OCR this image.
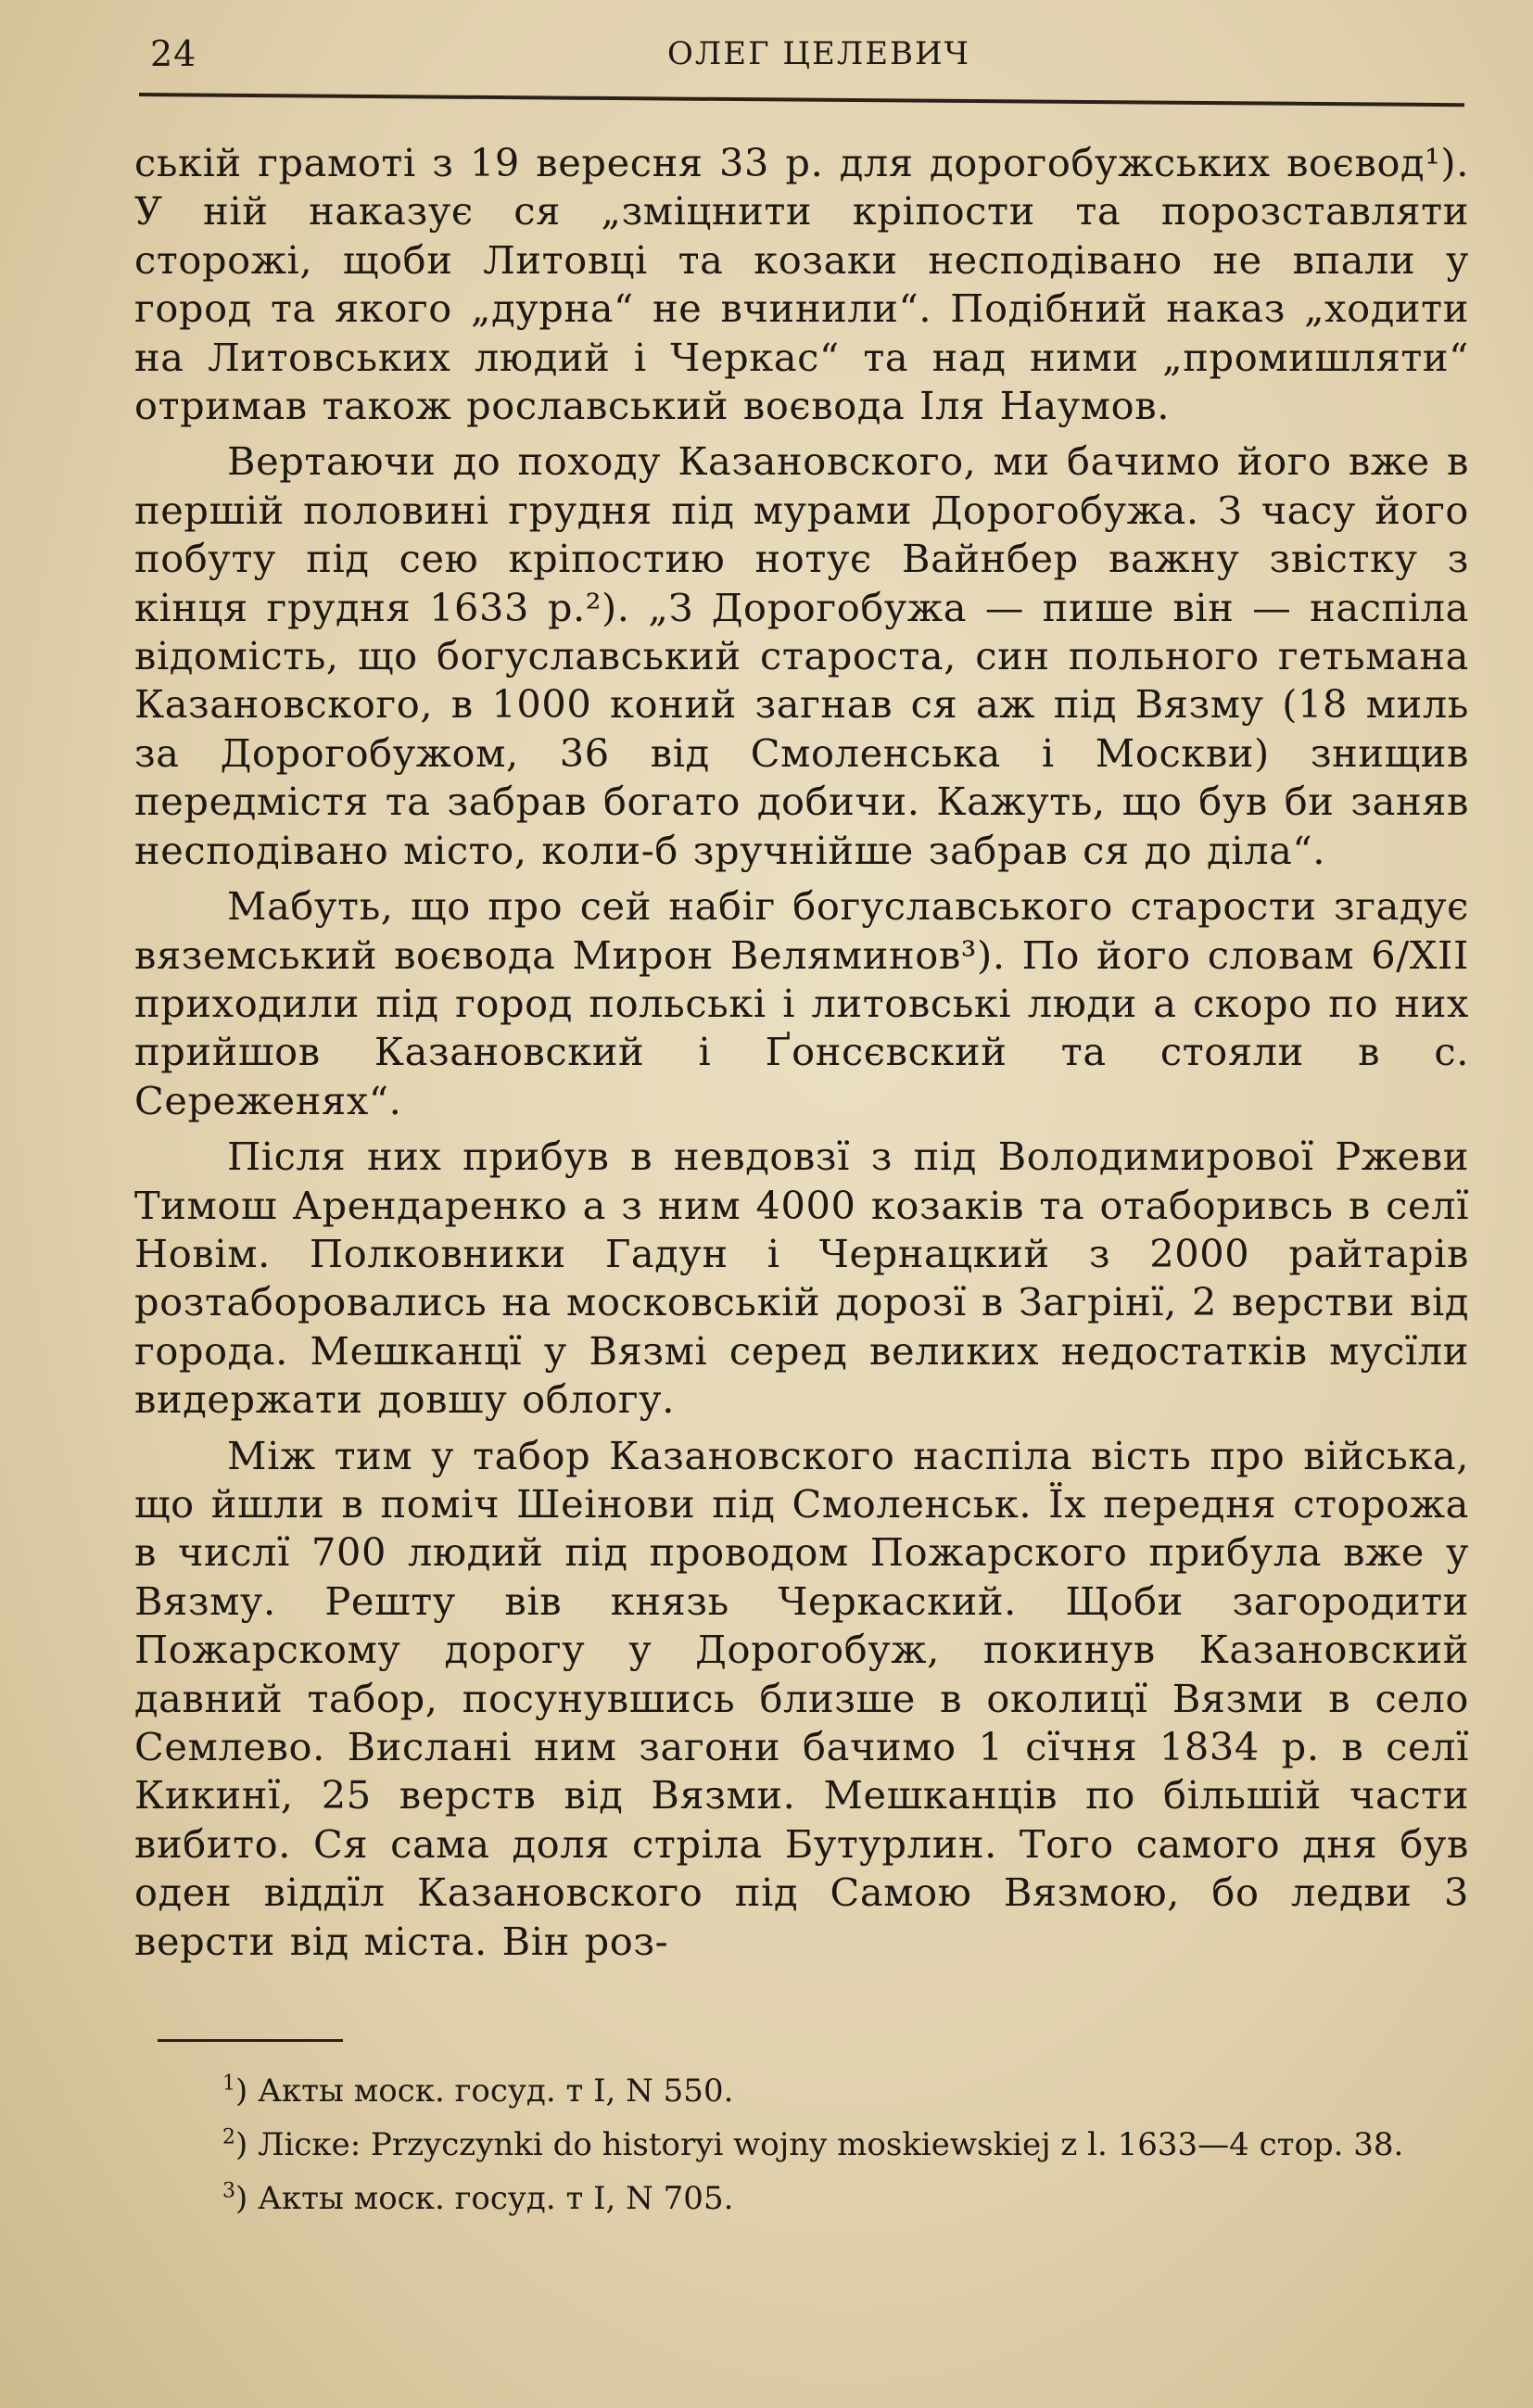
24	ОЛЕГ ЦЕЛЕВИЧ

ській грамоті з 19 вересня 33 р. для дорогобужських воєвод¹). У ній наказує ся „зміцнити кріпости та порозставляти сторожі, щоби Литовці та козаки несподівано не впали у город та якого „дурна“ не вчинили“. Подібний наказ „ходити на Литовських людий і Черкас“ та над ними „промишляти“ отримав також рославський воєвода Іля Наумов.

Вертаючи до походу Казановского, ми бачимо його вже в першій половині грудня під мурами Дорогобужа. З часу його побуту під сею кріпостию нотує Вайнбер важну звістку з кінця грудня 1633 р.²). „З Дорогобужа — пише він — наспіла відомість, що богуславський староста, син польного гетьмана Казановского, в 1000 коний загнав ся аж під Вязму (18 миль за Дорогобужом, 36 від Смоленська і Москви) знищив передмістя та забрав богато добичи. Кажуть, що був би заняв несподівано місто, коли-б зручнійше забрав ся до діла“.

Мабуть, що про сей набіг богуславського старости згадує вяземський воєвода Мирон Веляминов³). По його словам 6/XII приходили під город польські і литовські люди а скоро по них прийшов Казановский і Ґонсєвский та стояли в с. Сереженях“.

Після них прибув в невдовзї з під Володимирової Ржеви Тимош Арендаренко а з ним 4000 козаків та отаборивсь в селї Новім. Полковники Гадун і Чернацкий з 2000 райтарів розтаборовались на московській дорозї в Загрінї, 2 верстви від города. Мешканцї у Вязмі серед великих недостатків мусїли видержати довшу облогу.

Між тим у табор Казановского наспіла вість про військa, що йшли в поміч Шеінови під Смоленськ. Їх передня сторожа в числї 700 людий під проводом Пожарского прибула вже у Вязму. Решту вів князь Черкаский. Щоби загородити Пожарскому дорогу у Дорогобуж, покинув Казановский давний табор, посунувшись близше в околицї Вязми в село Семлево. Вислані ним загони бачимо 1 сїчня 1834 р. в селї Кикинї, 25 верств від Вязми. Мешканців по більшій части вибито. Ся сама доля стріла Бутурлин. Того самого дня був оден віддїл Казановского під Самою Вязмою, бо ледви 3 версти від міста. Він роз-

$^1$) Акты моск. госуд. т I, N 550.

$^2$) Ліске: Przyczynki do historyi wojny moskiewskiej z l. 1633—4 стор. 38.

$^3$) Акты моск. госуд. т I, N 705.
